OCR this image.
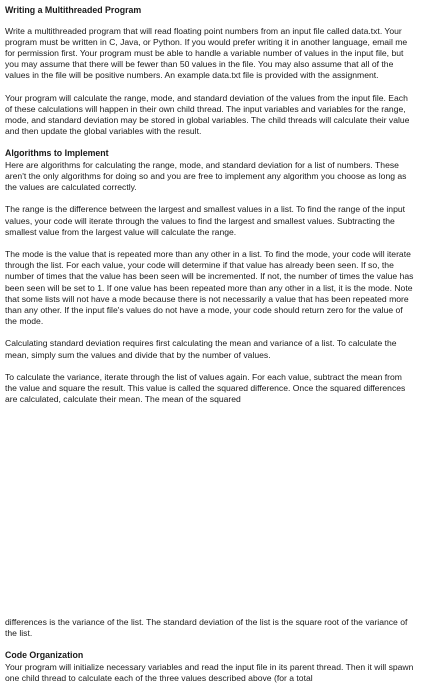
Writing a Multithreaded Program

Write a multithreaded program that will read floating point numbers from an input file called data.txt. Your program must be written in C, Java, or Python. If you would prefer writing it in another language, email me for permission first. Your program must be able to handle a variable number of values in the input file, but you may assume that there will be fewer than 50 values in the file. You may also assume that all of the values in the file will be positive numbers. An example data.txt file is provided with the assignment.

Your program will calculate the range, mode, and standard deviation of the values from the input file. Each of these calculations will happen in their own child thread. The input variables and variables for the range, mode, and standard deviation may be stored in global variables. The child threads will calculate their value and then update the global variables with the result.

Algorithms to Implement

Here are algorithms for calculating the range, mode, and standard deviation for a list of numbers. These aren't the only algorithms for doing so and you are free to implement any algorithm you choose as long as the values are calculated correctly.

The range is the difference between the largest and smallest values in a list. To find the range of the input values, your code will iterate through the values to find the largest and smallest values. Subtracting the smallest value from the largest value will calculate the range.

The mode is the value that is repeated more than any other in a list. To find the mode, your code will iterate through the list. For each value, your code will determine if that value has already been seen. If so, the number of times that the value has been seen will be incremented. If not, the number of times the value has been seen will be set to 1. If one value has been repeated more than any other in a list, it is the mode. Note that some lists will not have a mode because there is not necessarily a value that has been repeated more than any other. If the input file's values do not have a mode, your code should return zero for the value of the mode.

Calculating standard deviation requires first calculating the mean and variance of a list. To calculate the mean, simply sum the values and divide that by the number of values.

To calculate the variance, iterate through the list of values again. For each value, subtract the mean from the value and square the result. This value is called the squared difference. Once the squared differences are calculated, calculate their mean. The mean of the squared

differences is the variance of the list. The standard deviation of the list is the square root of the variance of the list.

Code Organization

Your program will initialize necessary variables and read the input file in its parent thread. Then it will spawn one child thread to calculate each of the three values described above (for a total
